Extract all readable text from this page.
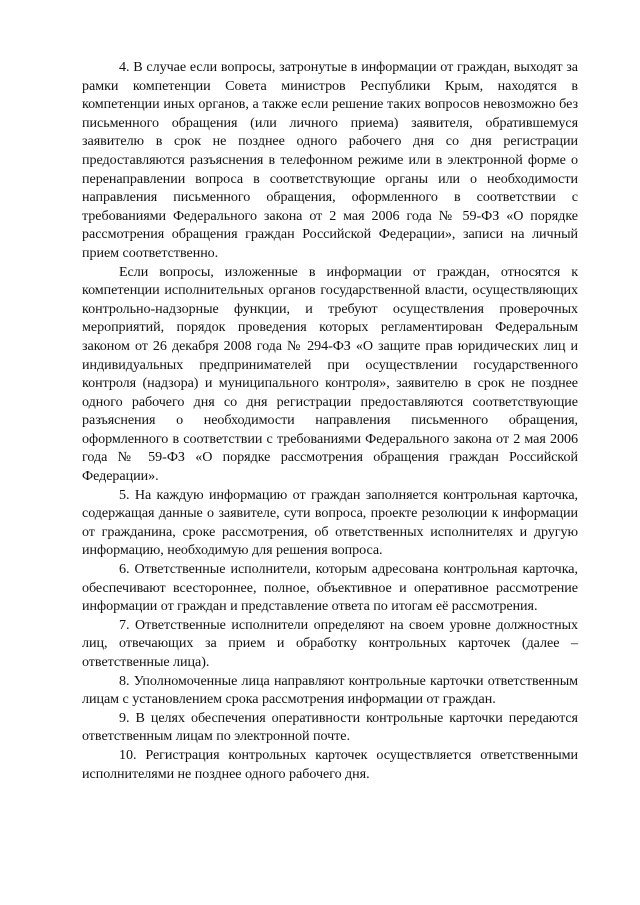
4. В случае если вопросы, затронутые в информации от граждан, выходят за рамки компетенции Совета министров Республики Крым, находятся в компетенции иных органов, а также если решение таких вопросов невозможно без письменного обращения (или личного приема) заявителя, обратившемуся заявителю в срок не позднее одного рабочего дня со дня регистрации предоставляются разъяснения в телефонном режиме или в электронной форме о перенаправлении вопроса в соответствующие органы или о необходимости направления письменного обращения, оформленного в соответствии с требованиями Федерального закона от 2 мая 2006 года № 59-ФЗ «О порядке рассмотрения обращения граждан Российской Федерации», записи на личный прием соответственно.

Если вопросы, изложенные в информации от граждан, относятся к компетенции исполнительных органов государственной власти, осуществляющих контрольно-надзорные функции, и требуют осуществления проверочных мероприятий, порядок проведения которых регламентирован Федеральным законом от 26 декабря 2008 года № 294-ФЗ «О защите прав юридических лиц и индивидуальных предпринимателей при осуществлении государственного контроля (надзора) и муниципального контроля», заявителю в срок не позднее одного рабочего дня со дня регистрации предоставляются соответствующие разъяснения о необходимости направления письменного обращения, оформленного в соответствии с требованиями Федерального закона от 2 мая 2006 года № 59-ФЗ «О порядке рассмотрения обращения граждан Российской Федерации».

5. На каждую информацию от граждан заполняется контрольная карточка, содержащая данные о заявителе, сути вопроса, проекте резолюции к информации от гражданина, сроке рассмотрения, об ответственных исполнителях и другую информацию, необходимую для решения вопроса.

6. Ответственные исполнители, которым адресована контрольная карточка, обеспечивают всестороннее, полное, объективное и оперативное рассмотрение информации от граждан и представление ответа по итогам её рассмотрения.

7. Ответственные исполнители определяют на своем уровне должностных лиц, отвечающих за прием и обработку контрольных карточек (далее – ответственные лица).

8. Уполномоченные лица направляют контрольные карточки ответственным лицам с установлением срока рассмотрения информации от граждан.

9. В целях обеспечения оперативности контрольные карточки передаются ответственным лицам по электронной почте.

10. Регистрация контрольных карточек осуществляется ответственными исполнителями не позднее одного рабочего дня.
